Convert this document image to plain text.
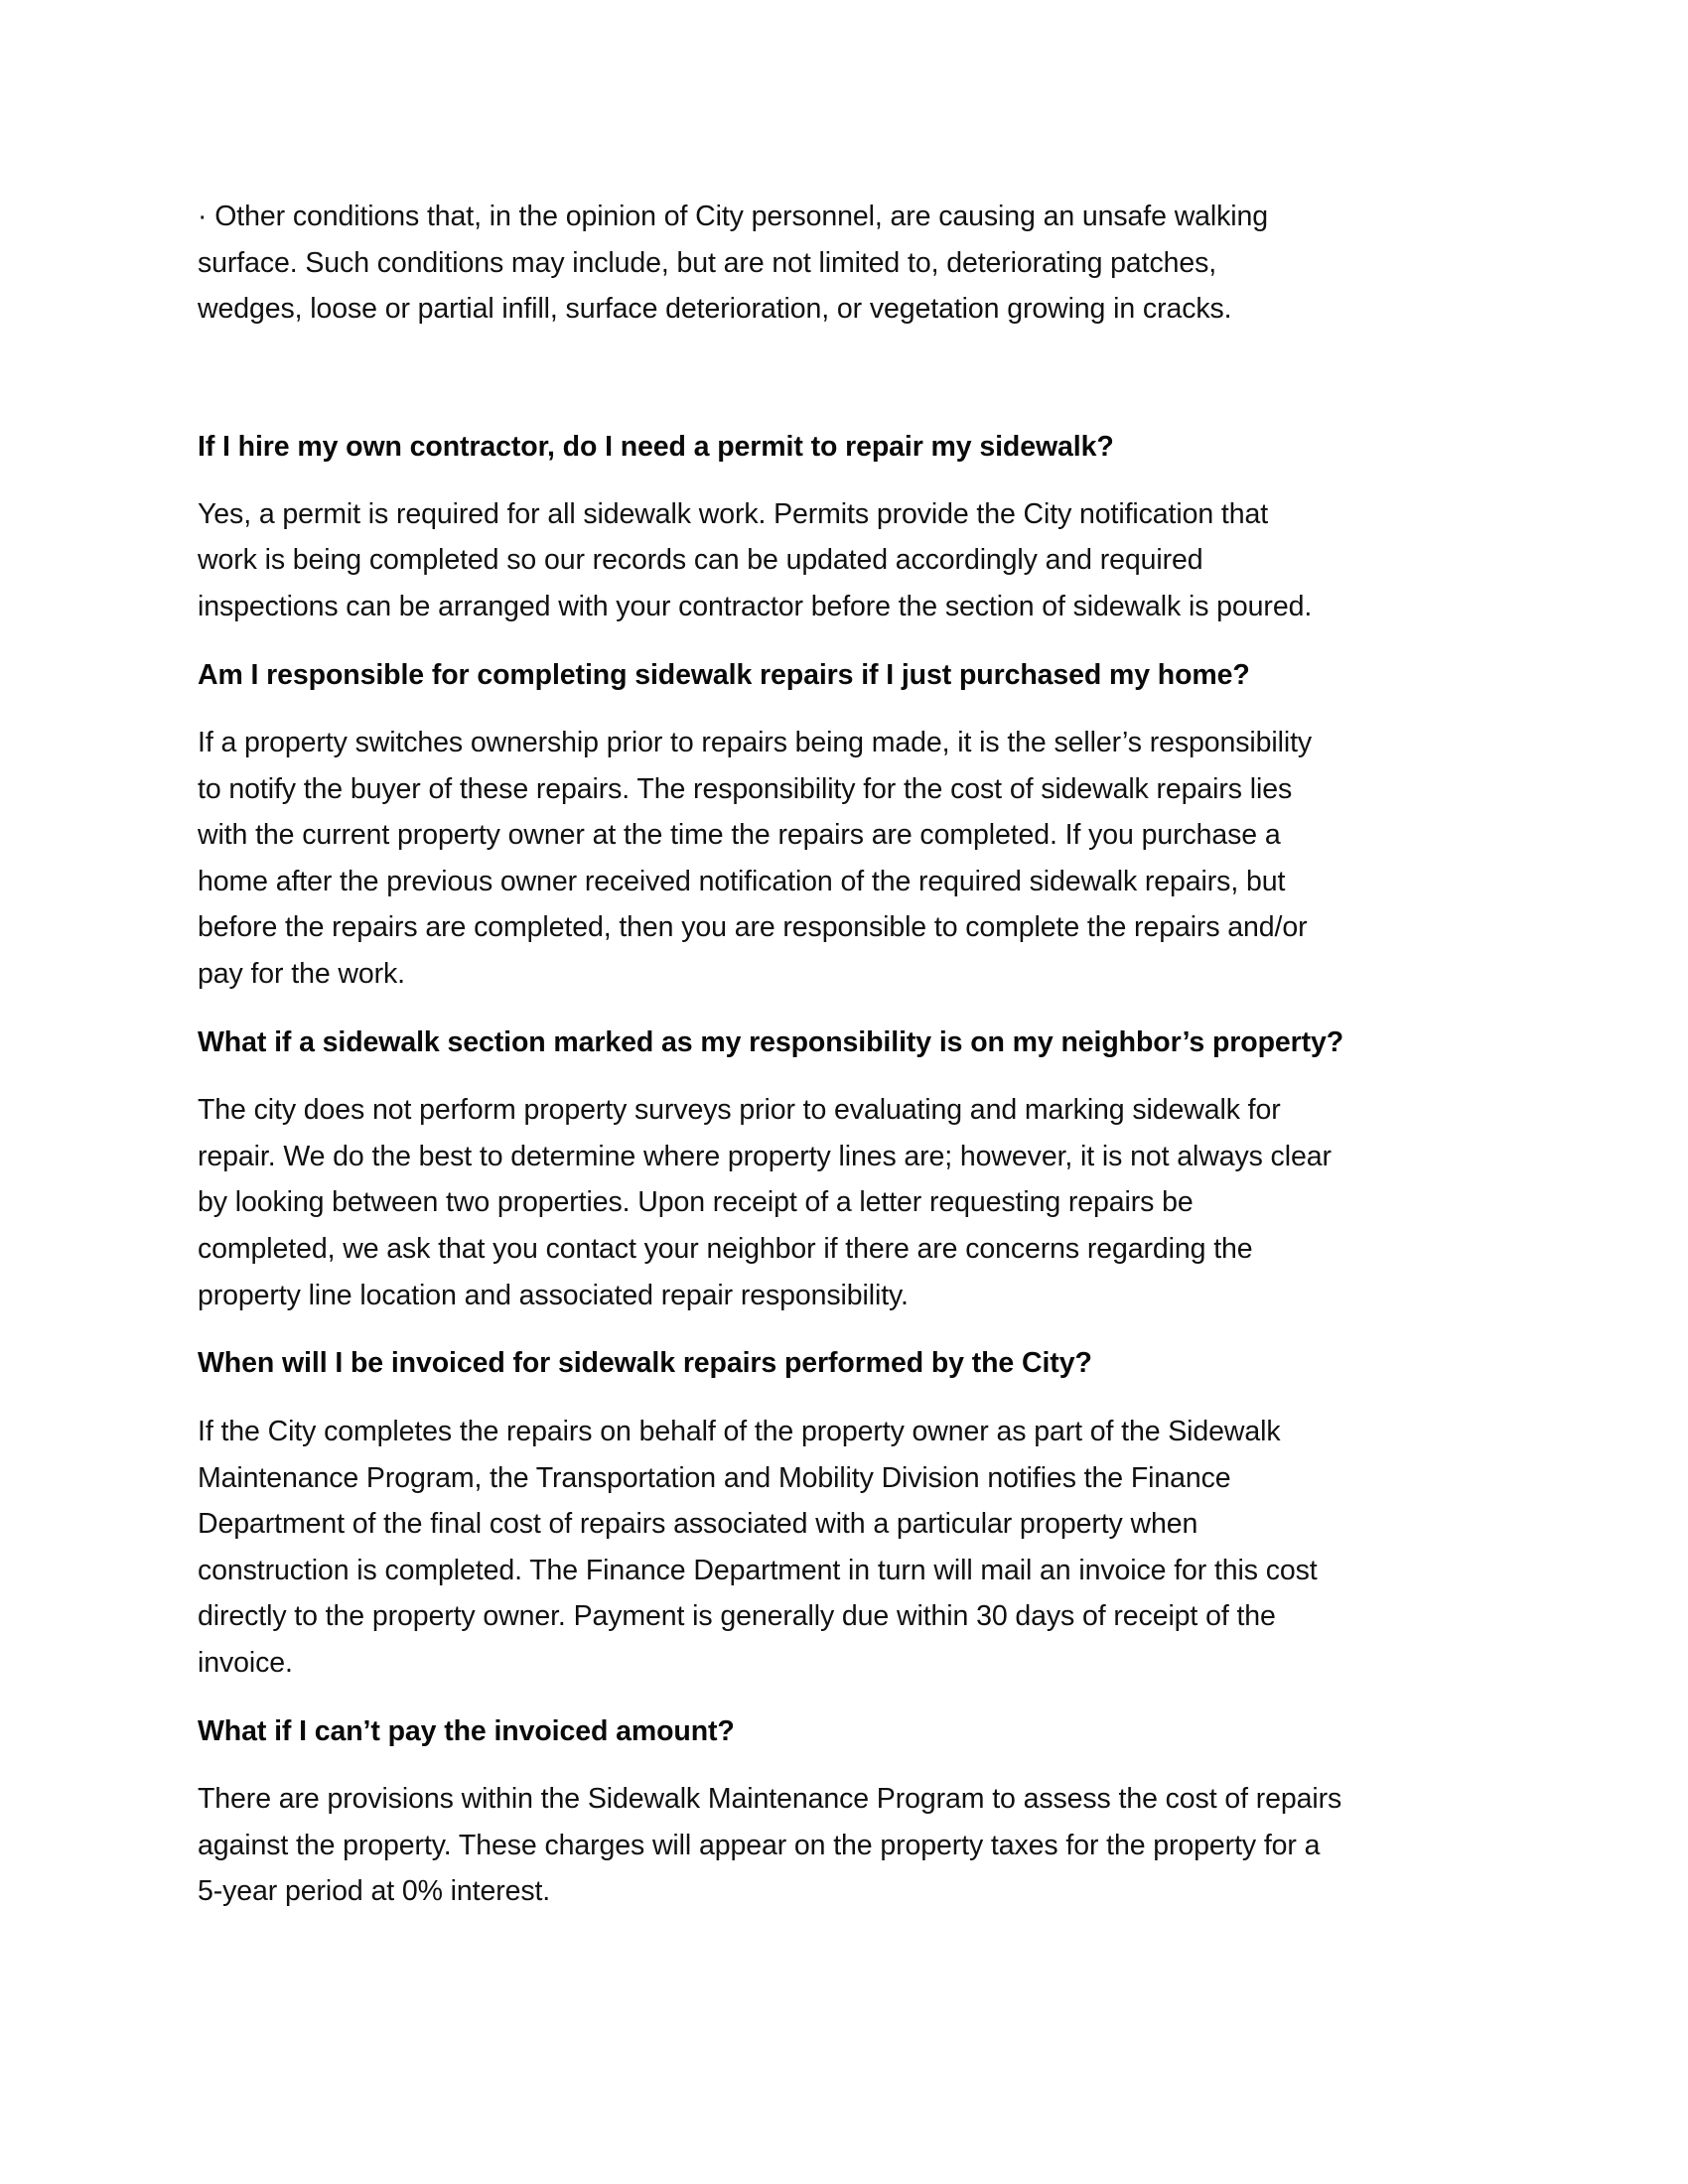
· Other conditions that, in the opinion of City personnel, are causing an unsafe walking
surface. Such conditions may include, but are not limited to, deteriorating patches,
wedges, loose or partial infill, surface deterioration, or vegetation growing in cracks.
If I hire my own contractor, do I need a permit to repair my sidewalk?
Yes, a permit is required for all sidewalk work. Permits provide the City notification that
work is being completed so our records can be updated accordingly and required
inspections can be arranged with your contractor before the section of sidewalk is poured.
Am I responsible for completing sidewalk repairs if I just purchased my home?
If a property switches ownership prior to repairs being made, it is the seller’s responsibility
to notify the buyer of these repairs. The responsibility for the cost of sidewalk repairs lies
with the current property owner at the time the repairs are completed. If you purchase a
home after the previous owner received notification of the required sidewalk repairs, but
before the repairs are completed, then you are responsible to complete the repairs and/or
pay for the work.
What if a sidewalk section marked as my responsibility is on my neighbor’s property?
The city does not perform property surveys prior to evaluating and marking sidewalk for
repair. We do the best to determine where property lines are; however, it is not always clear
by looking between two properties. Upon receipt of a letter requesting repairs be
completed, we ask that you contact your neighbor if there are concerns regarding the
property line location and associated repair responsibility.
When will I be invoiced for sidewalk repairs performed by the City?
If the City completes the repairs on behalf of the property owner as part of the Sidewalk
Maintenance Program, the Transportation and Mobility Division notifies the Finance
Department of the final cost of repairs associated with a particular property when
construction is completed. The Finance Department in turn will mail an invoice for this cost
directly to the property owner. Payment is generally due within 30 days of receipt of the
invoice.
What if I can’t pay the invoiced amount?
There are provisions within the Sidewalk Maintenance Program to assess the cost of repairs
against the property. These charges will appear on the property taxes for the property for a
5-year period at 0% interest.
